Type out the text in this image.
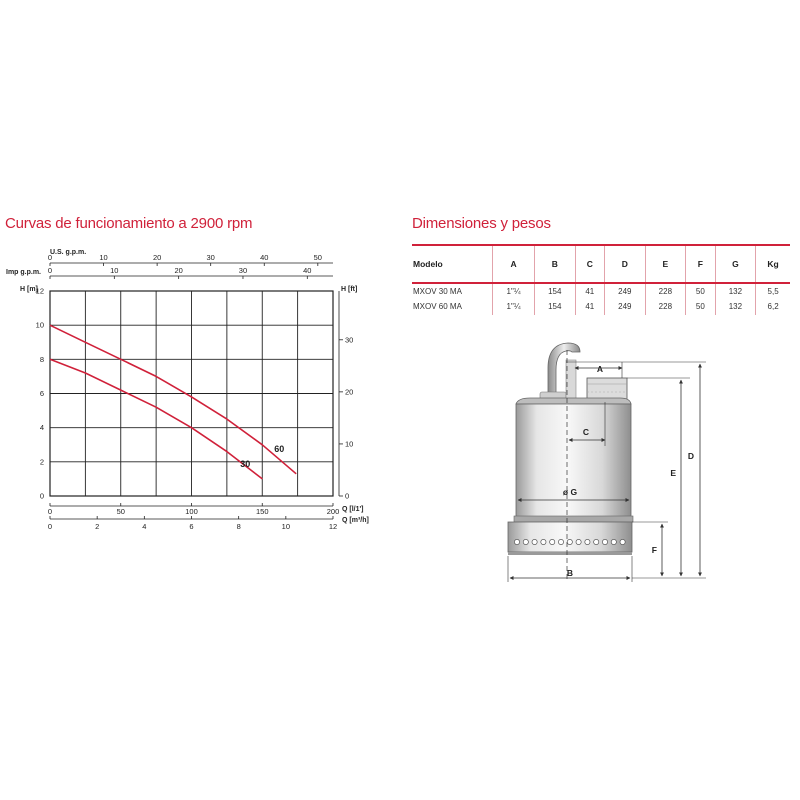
Curvas de funcionamiento a 2900 rpm	Dimensiones y pesos
0
2
4
6
8
10
12
0
10
20
30
0	50	100	150	200
0	2	4	6	8	10	12
0	10	20	30	40	50
0	10	20	30	40
30
60
U.S. g.p.m.
Imp g.p.m.
H [m]	H [ft]
Q [l/1']
Q [m³/h]
Modelo	A	B	C	D	E	F	G	Kg
MXOV 30 MA	1"¼	154	41	249	228	50	132	5,5
MXOV 60 MA	1"¼	154	41	249	228	50	132	6,2
A
C
ø G
B
F
E
D
